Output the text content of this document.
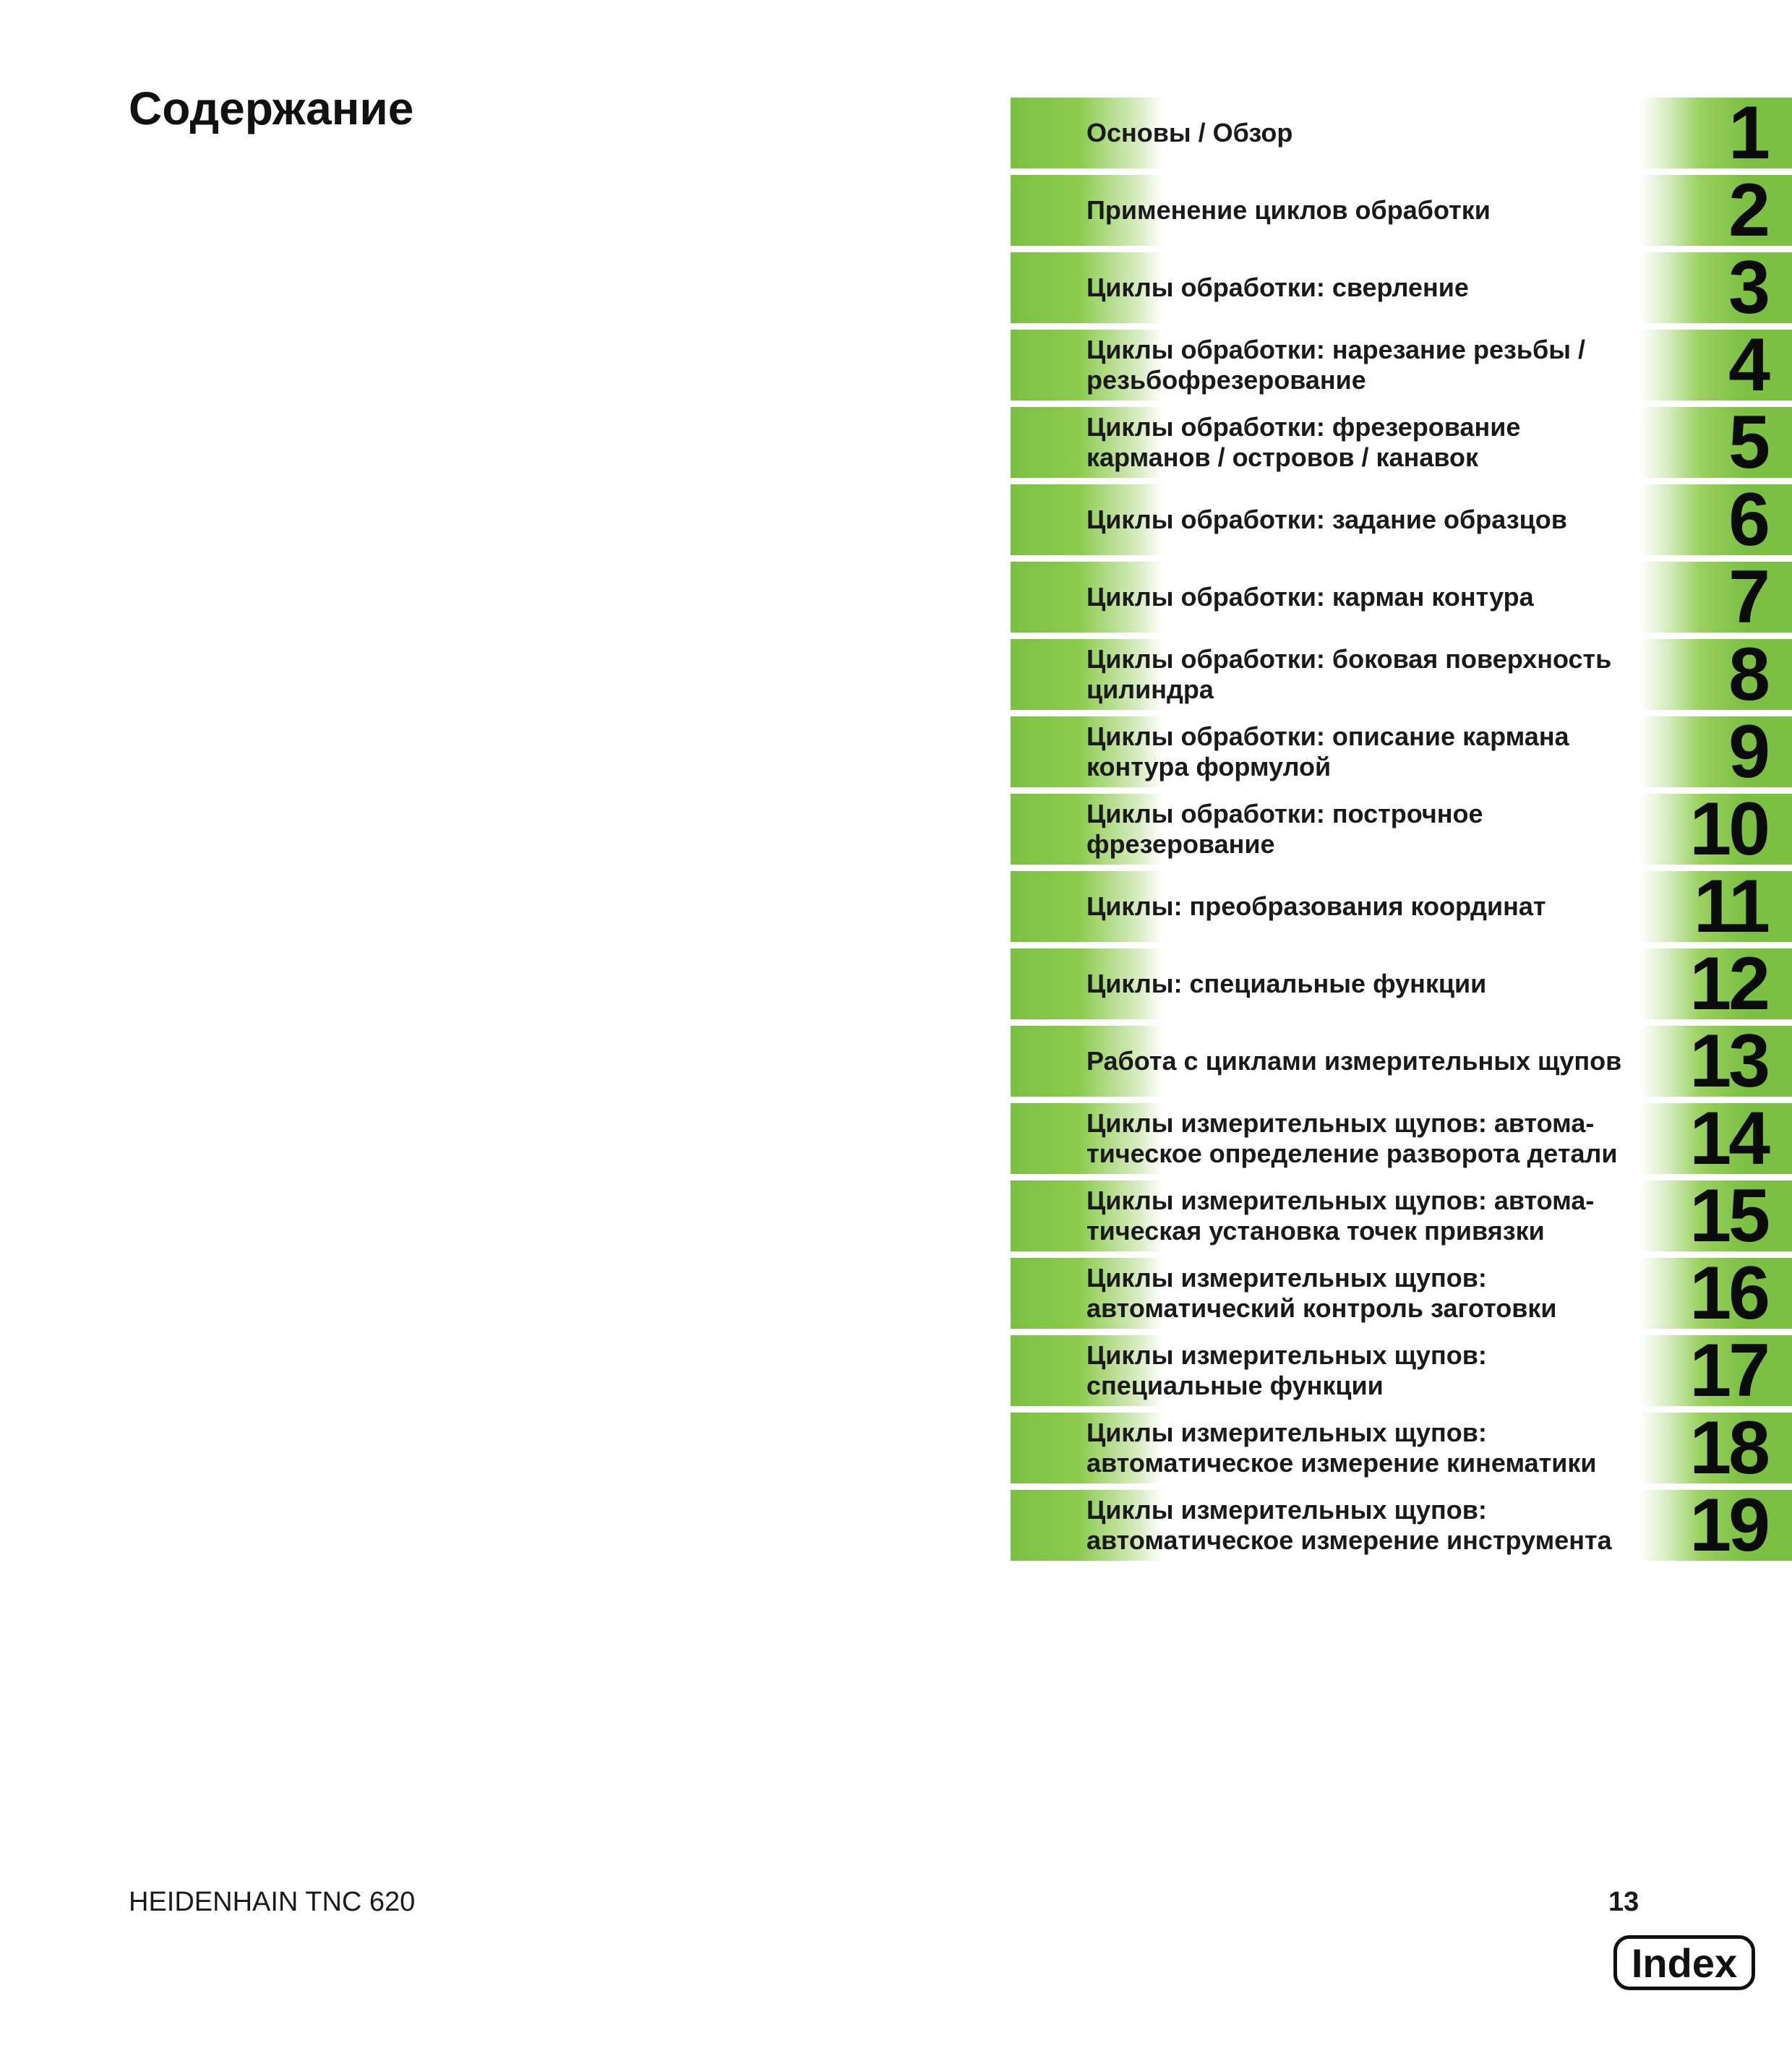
Содержание	Основы / Обзор	1
Применение циклов обработки	2
Циклы обработки: сверление	3
Циклы обработки: нарезание резьбы /
резьбофрезерование	4
Циклы обработки: фрезерование
карманов / островов / канавок	5
Циклы обработки: задание образцов	6
Циклы обработки: карман контура	7
Циклы обработки: боковая поверхность
цилиндра	8
Циклы обработки: описание кармана
контура формулой	9
Циклы обработки: построчное
фрезерование	10
Циклы: преобразования координат	11
Циклы: специальные функции	12
Работа с циклами измерительных щупов 13
Циклы измерительных щупов: автома-
тическое определение разворота детали 14
Циклы измерительных щупов: автома-
тическая установка точек привязки	15
Циклы измерительных щупов:
автоматический контроль заготовки	16
Циклы измерительных щупов:
специальные функции	17
Циклы измерительных щупов:
автоматическое измерение кинематики	18
Циклы измерительных щупов:
автоматическое измерение инструмента	19
HEIDENHAIN TNC 620	13
Index
